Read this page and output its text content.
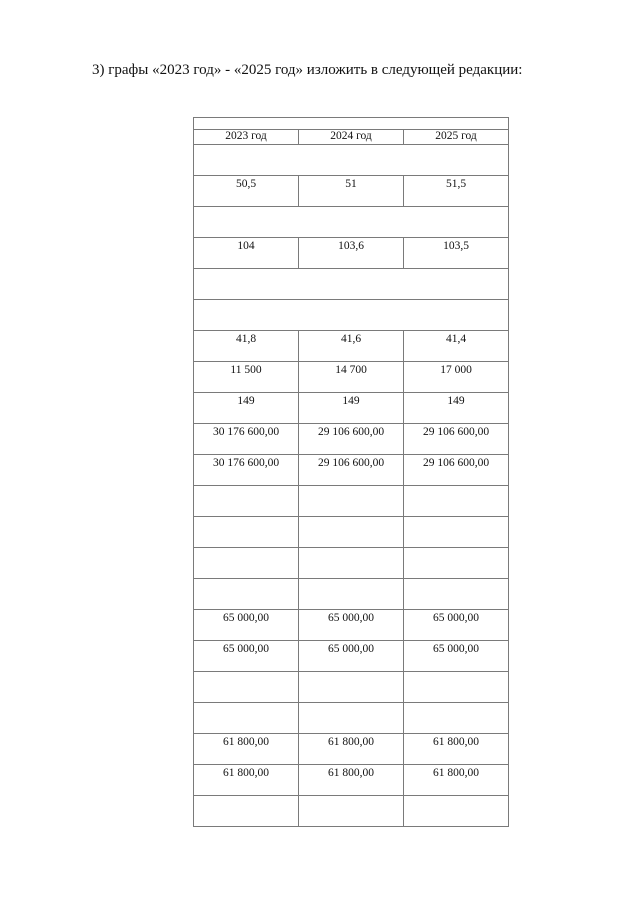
3) графы «2023 год» - «2025 год» изложить в следующей редакции:

2023 год	2024 год	2025 год

50,5	51	51,5

104	103,6	103,5

41,8	41,6	41,4
11 500	14 700	17 000
149	149	149
30 176 600,00	29 106 600,00	29 106 600,00
30 176 600,00	29 106 600,00	29 106 600,00

65 000,00	65 000,00	65 000,00
65 000,00	65 000,00	65 000,00

61 800,00	61 800,00	61 800,00
61 800,00	61 800,00	61 800,00
